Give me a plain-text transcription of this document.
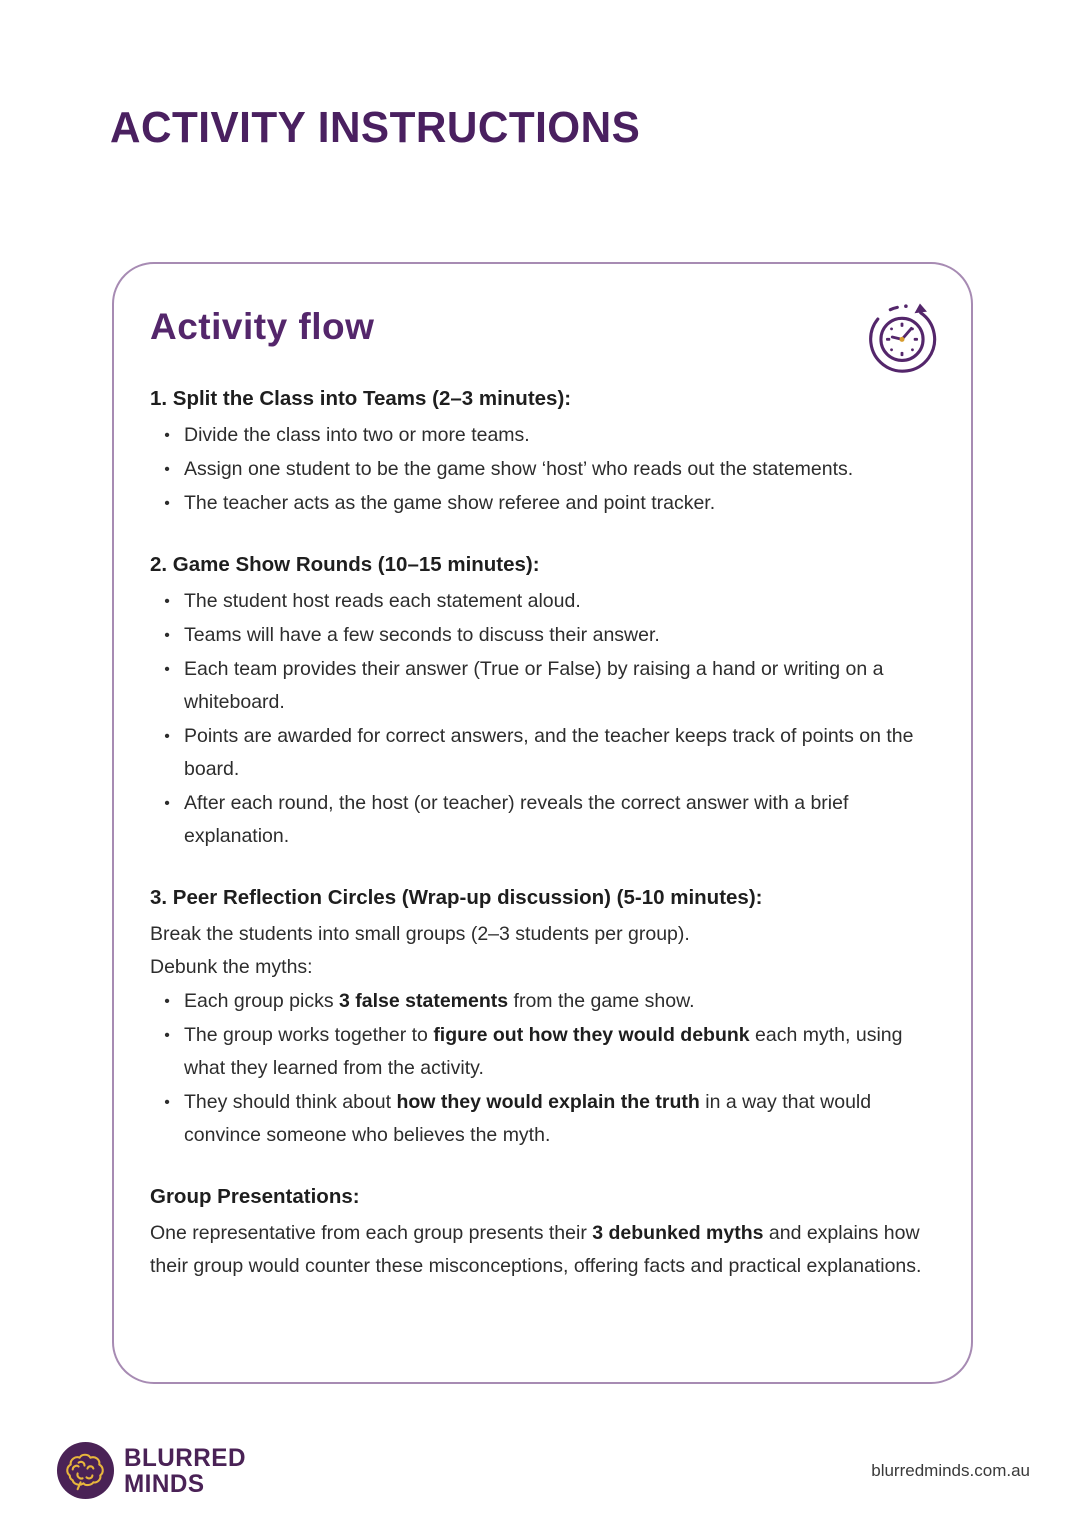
ACTIVITY INSTRUCTIONS
Activity flow
1. Split the Class into Teams (2–3 minutes):
•
Divide the class into two or more teams.
•
Assign one student to be the game show ‘host’ who reads out the statements.
•
The teacher acts as the game show referee and point tracker.
2. Game Show Rounds (10–15 minutes):
•
The student host reads each statement aloud.
•
Teams will have a few seconds to discuss their answer.
•
Each team provides their answer (True or False) by raising a hand or writing on a whiteboard.
•
Points are awarded for correct answers, and the teacher keeps track of points on the board.
•
After each round, the host (or teacher) reveals the correct answer with a brief explanation.
3. Peer Reflection Circles (Wrap-up discussion) (5-10 minutes):
Break the students into small groups (2–3 students per group).
Debunk the myths:
•
Each group picks 3 false statements from the game show.
•
The group works together to figure out how they would debunk each myth, using what they learned from the activity.
•
They should think about how they would explain the truth in a way that would convince someone who believes the myth.
Group Presentations:
One representative from each group presents their 3 debunked myths and explains how their group would counter these misconceptions, offering facts and practical explanations.
BLURRED
MINDS	blurredminds.com.au
